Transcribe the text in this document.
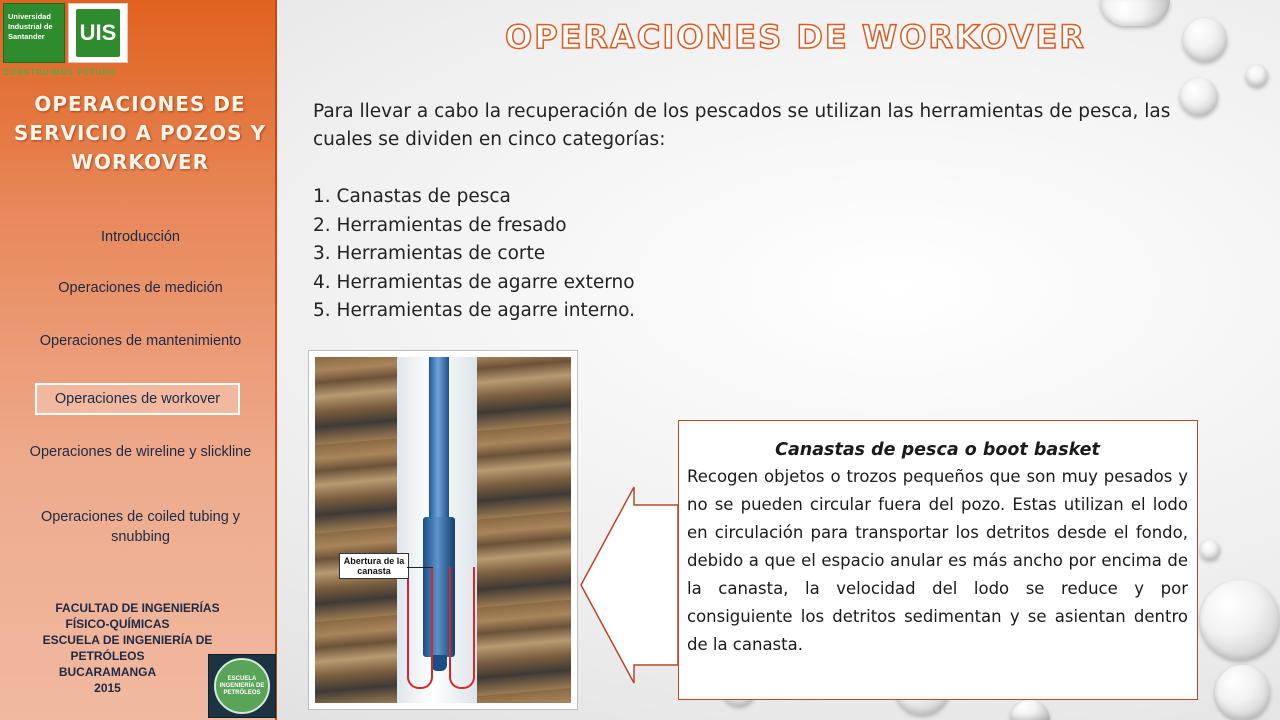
Universidad Industrial de Santander	UIS
CONSTRUIMOS FUTURO
OPERACIONES DE SERVICIO A POZOS Y WORKOVER
Introducción
Operaciones de medición
Operaciones de mantenimiento
Operaciones de workover
Operaciones de wireline y slickline
Operaciones de coiled tubing y snubbing
FACULTAD DE INGENIERÍAS
FÍSICO-QUÍMICAS
ESCUELA DE INGENIERÍA DE
PETRÓLEOS
BUCARAMANGA
2015
ESCUELA INGENIERÍA DE PETRÓLEOS
OPERACIONES DE WORKOVER
Para llevar a cabo la recuperación de los pescados se utilizan las herramientas de pesca, las cuales se dividen en cinco categorías:
1. Canastas de pesca
2. Herramientas de fresado
3. Herramientas de corte
4. Herramientas de agarre externo
5. Herramientas de agarre interno.
Abertura de la canasta
Canastas de pesca o boot basket
Recogen objetos o trozos pequeños que son muy pesados y no se pueden circular fuera del pozo. Estas utilizan el lodo en circulación para transportar los detritos desde el fondo, debido a que el espacio anular es más ancho por encima de la canasta, la velocidad del lodo se reduce y por consiguiente los detritos sedimentan y se asientan dentro de la canasta.
